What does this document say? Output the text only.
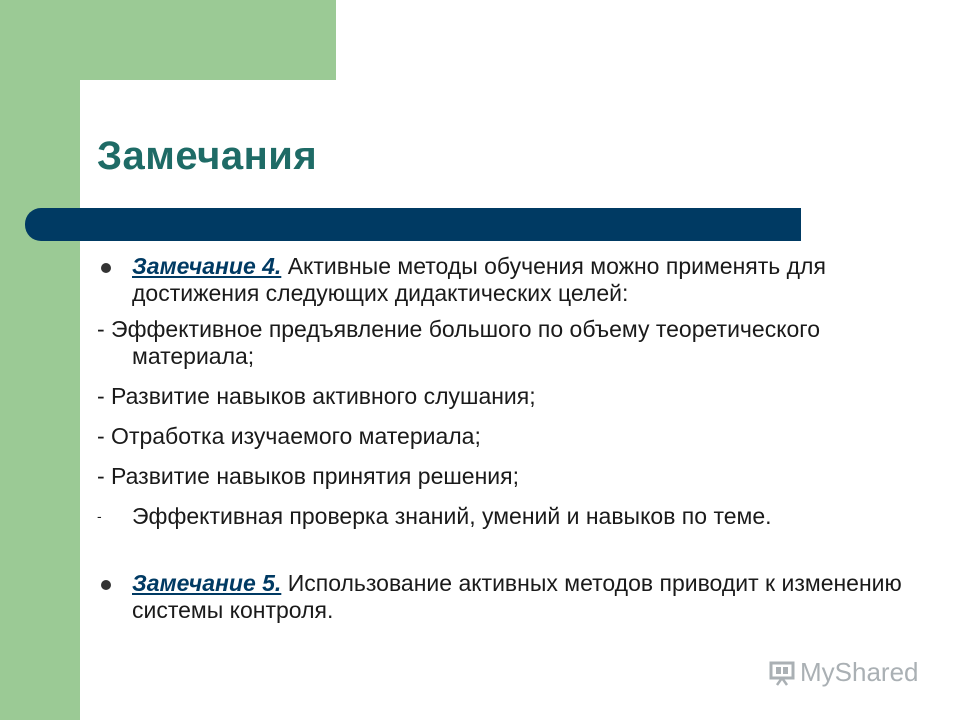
Замечания
Замечание 4. Активные методы обучения можно применять для достижения следующих дидактических целей:
- Эффективное предъявление большого по объему теоретического материала;
- Развитие навыков активного слушания;
- Отработка изучаемого материала;
- Развитие навыков принятия решения;
- Эффективная проверка знаний, умений и навыков по теме.
Замечание 5. Использование активных методов приводит к изменению системы контроля.
MyShared
